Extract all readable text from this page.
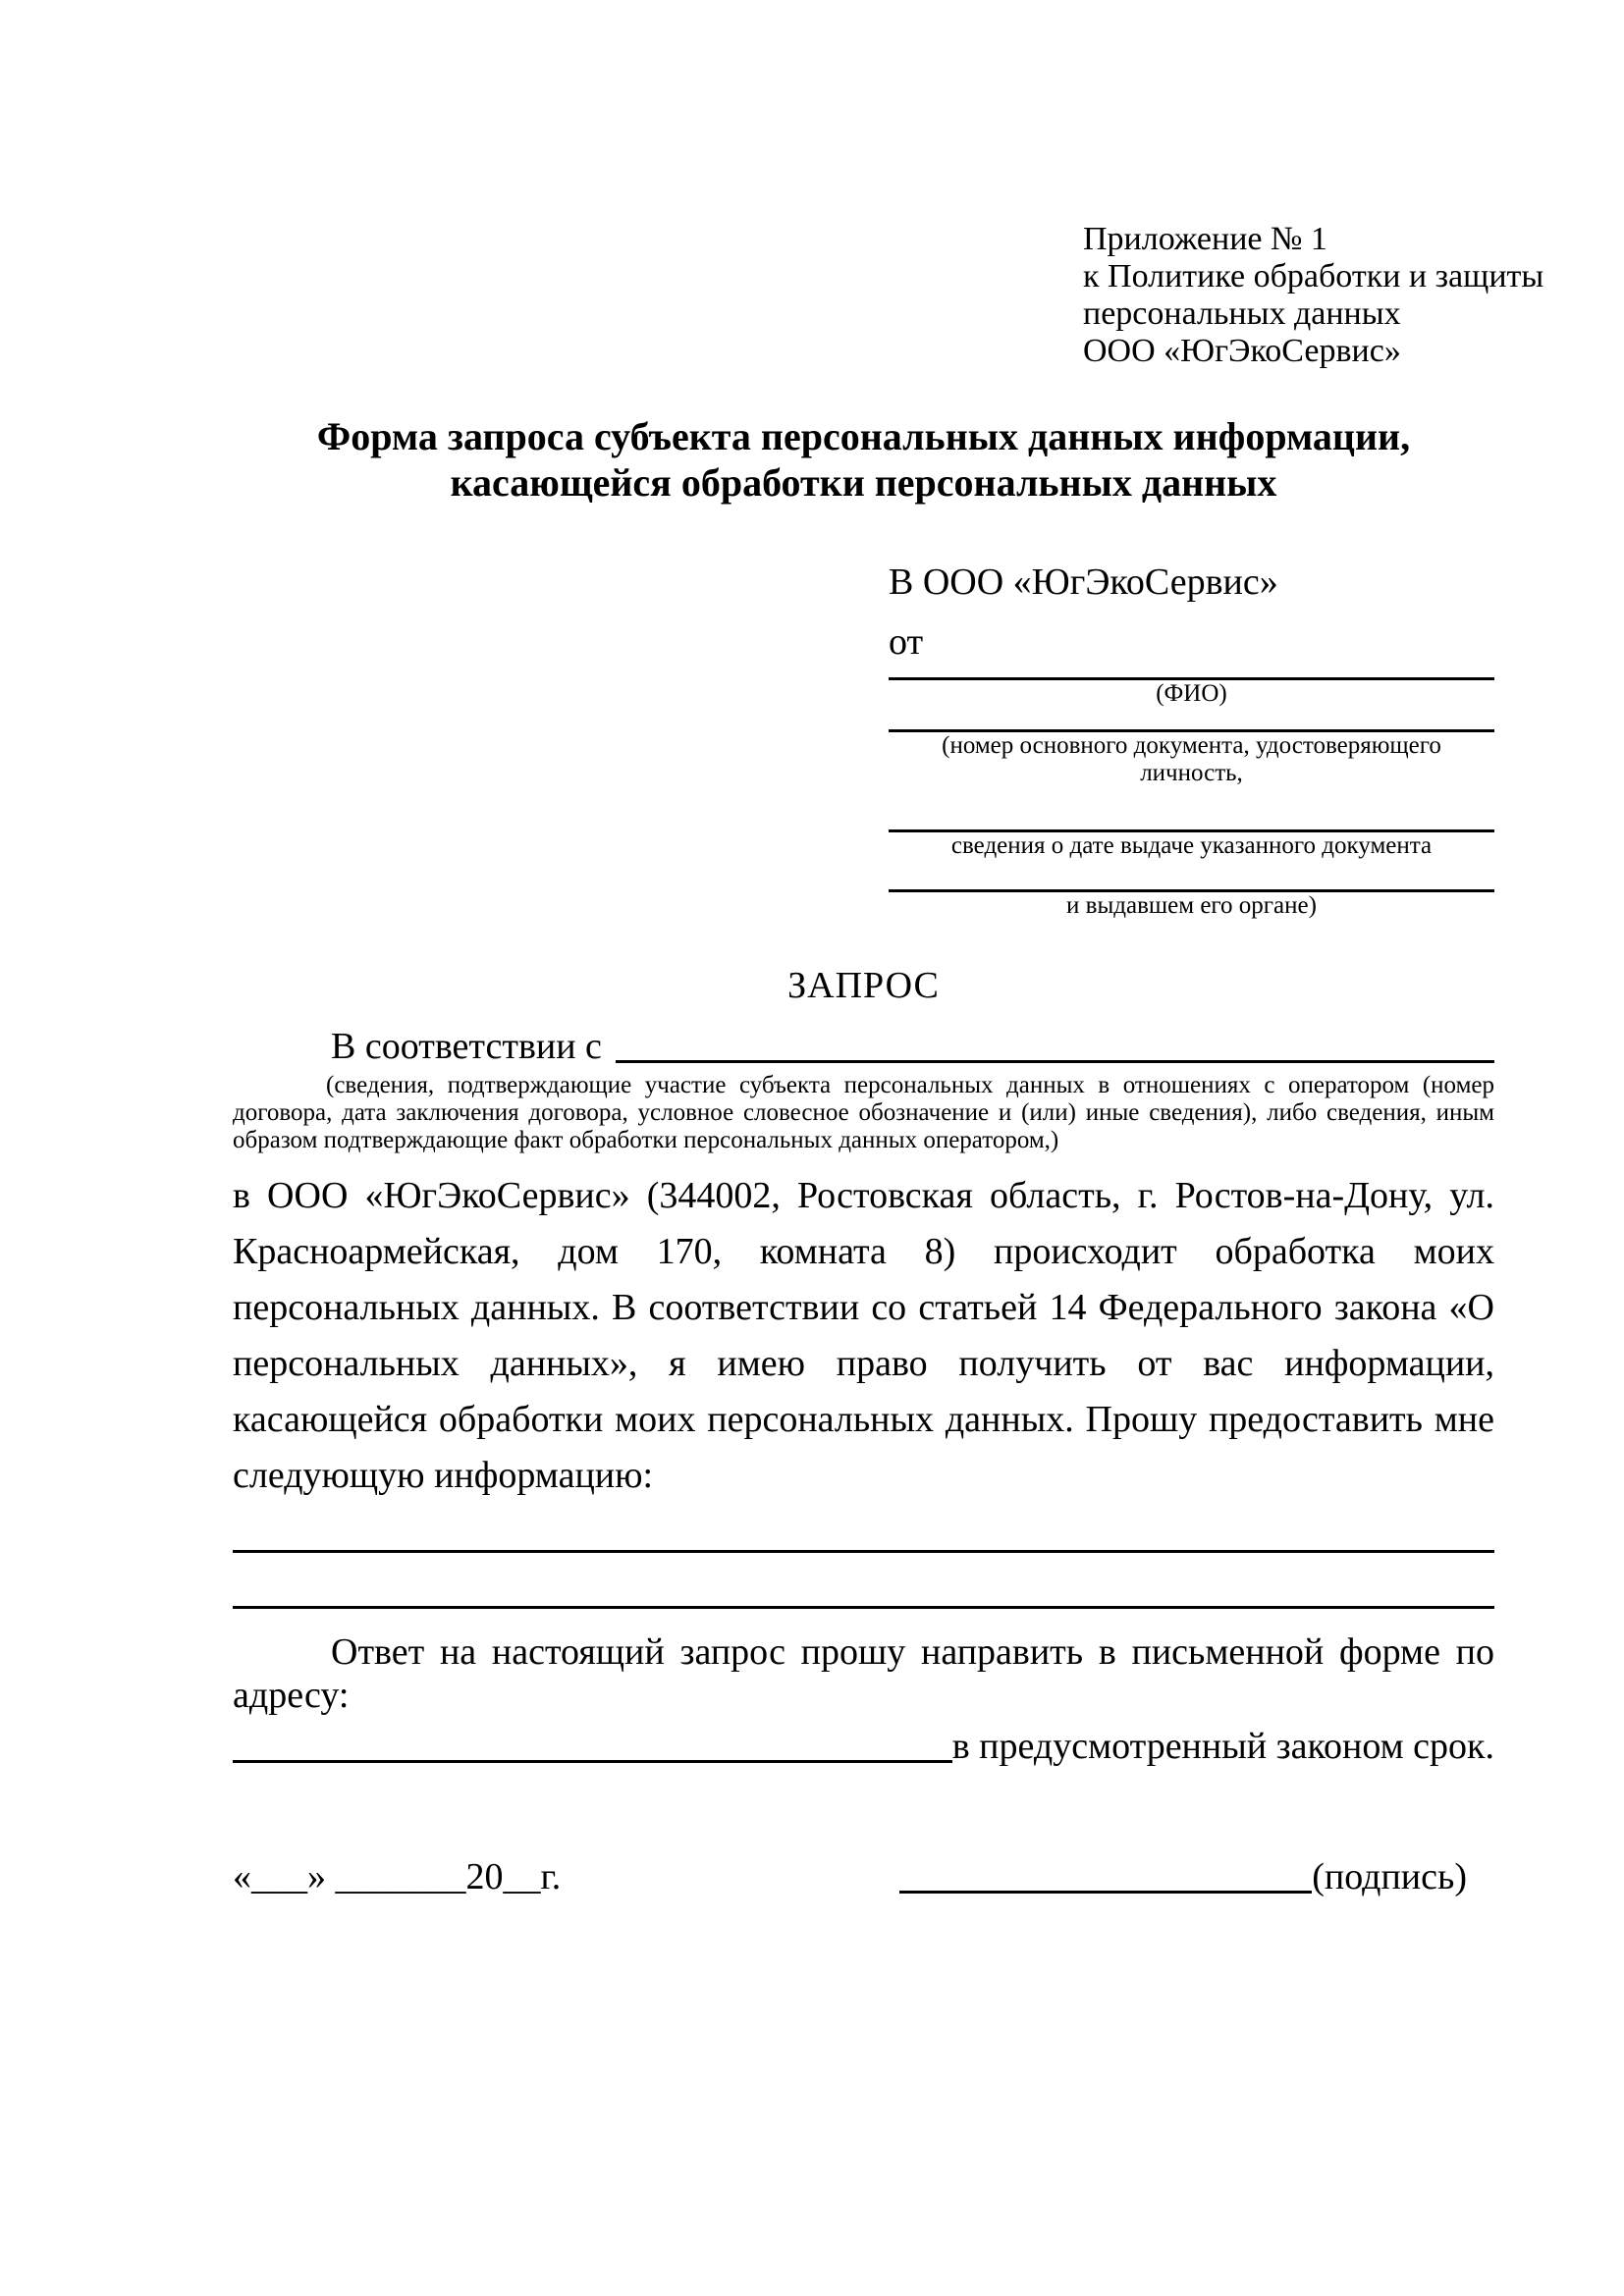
Приложение № 1
к Политике обработки и защиты
персональных данных
ООО «ЮгЭкоСервис»
Форма запроса субъекта персональных данных информации,
касающейся обработки персональных данных
В ООО «ЮгЭкоСервис»
от
(ФИО)
(номер основного документа, удостоверяющего личность,
сведения о дате выдаче указанного документа
и выдавшем его органе)
ЗАПРОС
В соответствии с
(сведения, подтверждающие участие субъекта персональных данных в отношениях с оператором (номер договора, дата заключения договора, условное словесное обозначение и (или) иные сведения), либо сведения, иным образом подтверждающие факт обработки персональных данных оператором,)
в ООО «ЮгЭкоСервис» (344002, Ростовская область, г. Ростов-на-Дону, ул. Красноармейская, дом 170, комната 8) происходит обработка моих персональных данных. В соответствии со статьей 14 Федерального закона «О персональных данных», я имею право получить от вас информации, касающейся обработки моих персональных данных. Прошу предоставить мне следующую информацию:
Ответ на настоящий запрос прошу направить в письменной форме по адресу:
в предусмотренный законом срок.
«___» _______20__г.	(подпись)
